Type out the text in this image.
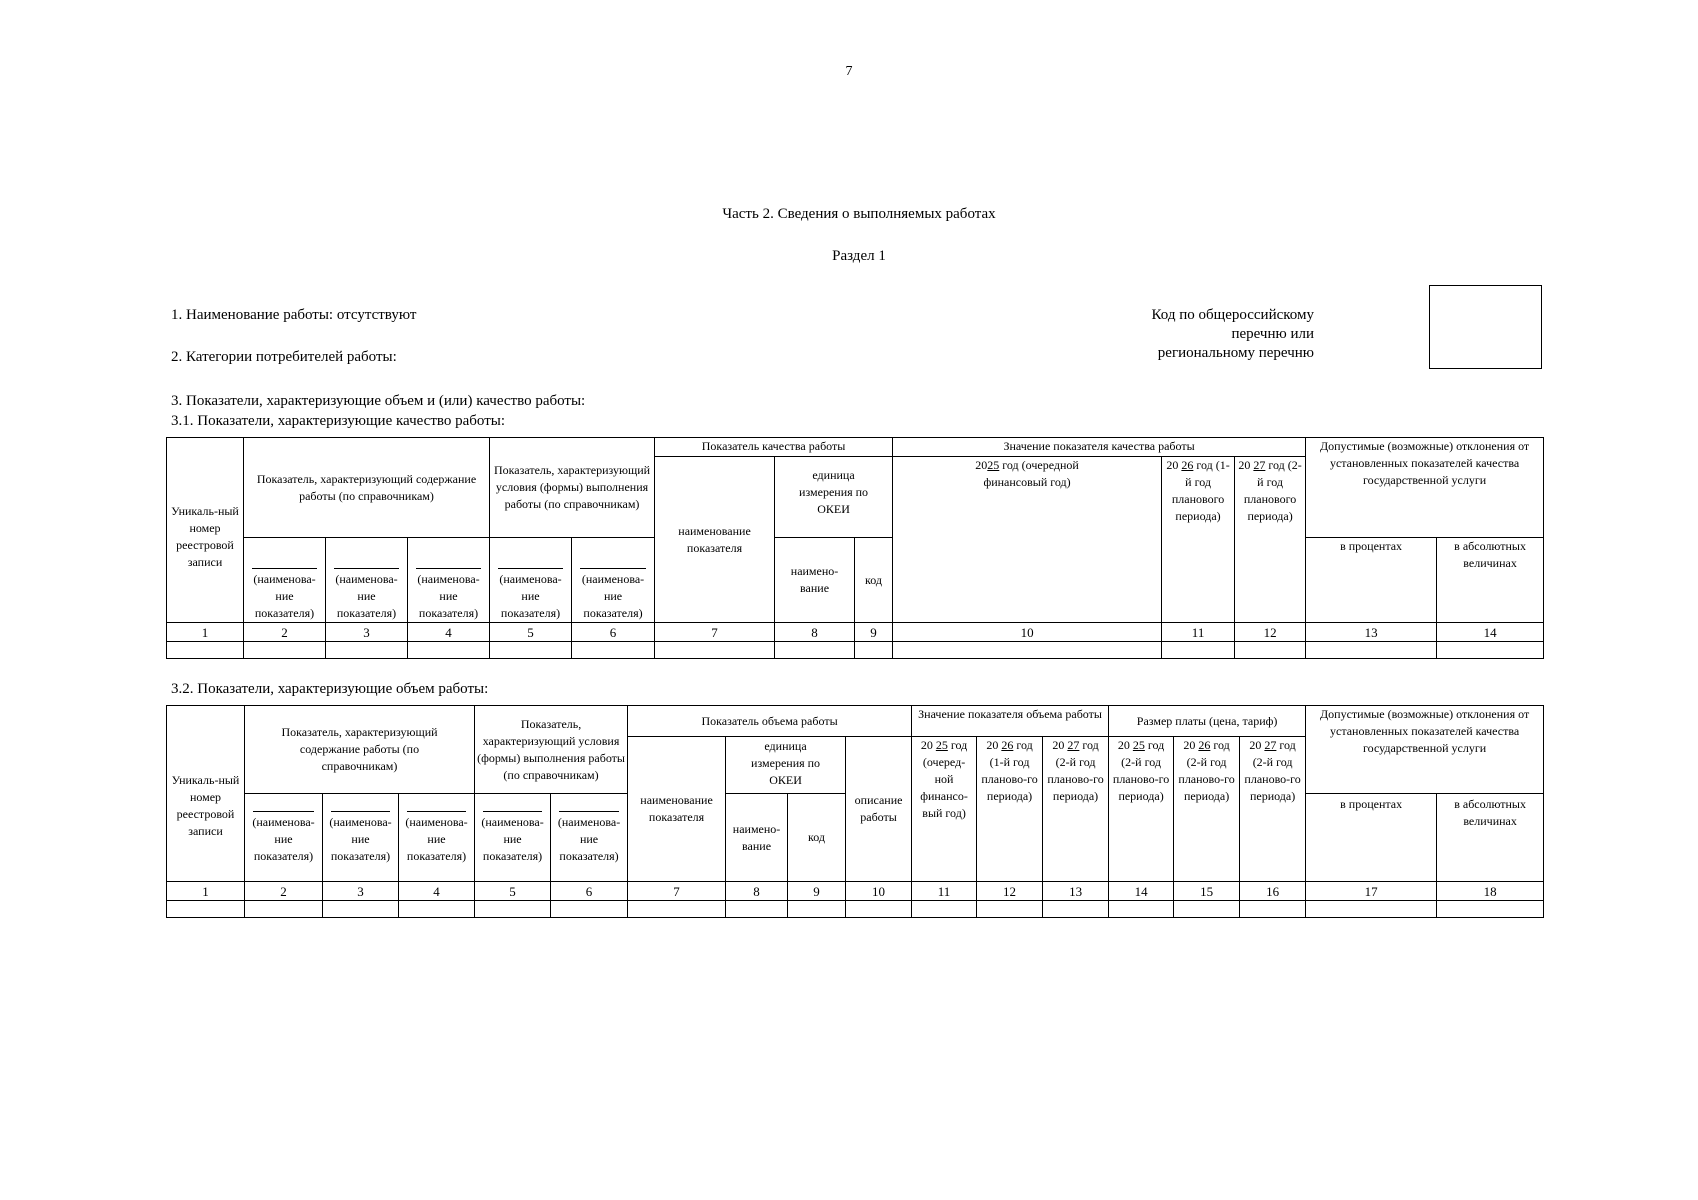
7
Часть 2. Сведения о выполняемых работах
Раздел 1
1. Наименование работы: отсутствуют
2. Категории потребителей работы:
3. Показатели, характеризующие объем и (или) качество работы:
3.1. Показатели, характеризующие качество работы:
Код по общероссийскому
перечню или
региональному перечню
Уникаль-ный номер реестровой записи	Показатель, характеризующий содержание работы (по справочникам)			Показатель, характеризующий условия (формы) выполнения работы (по справочникам)		Показатель качества работы			Значение показателя качества работы			Допустимые (возможные) отклонения от установленных показателей качества государственной услуги	
						наименование показателя	единица измерения по ОКЕИ		2025 год (очередной финансовый год)	20 26 год (1-й год планового периода)	20 27 год (2-й год планового периода)		

(наименова-ние показателя)	(наименова-ние показателя)	(наименова-ние показателя)	(наименова-ние показателя)	(наименова-ние показателя)		наимено-вание	код				в процентах	в абсолютных величинах
1	2	3	4	5	6	7	8	9	10	11	12	13	14

3.2. Показатели, характеризующие объем работы:
Уникаль-ный номер реестровой записи	Показатель, характеризующий содержание работы (по справочникам)			Показатель, характеризующий условия (формы) выполнения работы (по справочникам)		Показатель объема работы				Значение показателя объема работы			Размер платы (цена, тариф)			Допустимые (возможные) отклонения от установленных показателей качества государственной услуги	
						наименование показателя	единица измерения по ОКЕИ		описание работы	20 25 год (очеред-ной финансо-вый год)	20 26 год (1-й год планово-го периода)	20 27 год (2-й год планово-го периода)	20 25 год (2-й год планово-го периода)	20 26 год (2-й год планово-го периода)	20 27 год (2-й год планово-го периода)		

(наименова-ние показателя)	(наименова-ние показателя)	(наименова-ние показателя)	(наименова-ние показателя)	(наименова-ние показателя)		наимено-вание	код								в процентах	в абсолютных величинах
1	2	3	4	5	6	7	8	9	10	11	12	13	14	15	16	17	18
